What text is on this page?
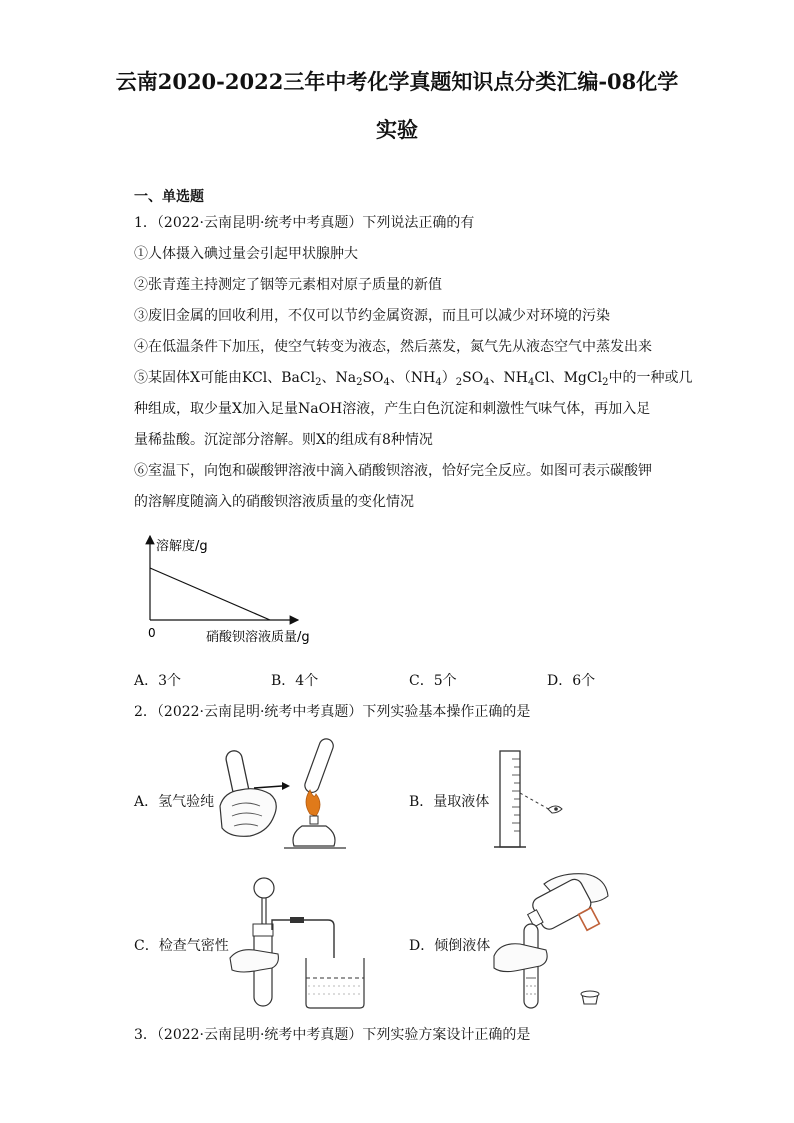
云南2020-2022三年中考化学真题知识点分类汇编-08化学
实验
一、单选题
1．（2022·云南昆明·统考中考真题）下列说法正确的有
①人体摄入碘过量会引起甲状腺肿大
②张青莲主持测定了铟等元素相对原子质量的新值
③废旧金属的回收利用，不仅可以节约金属资源，而且可以减少对环境的污染
④在低温条件下加压，使空气转变为液态，然后蒸发，氮气先从液态空气中蒸发出来
⑤某固体X可能由KCl、BaCl$_2$、$Na_2SO_4$、$(NH_4)_2SO_4$、$NH_4Cl$、MgCl$_2$中的一种或几
种组成，取少量X加入足量NaOH溶液，产生白色沉淀和刺激性气味气体，再加入足
量稀盐酸。沉淀部分溶解。则X的组成有8种情况
⑥室温下，向饱和碳酸钾溶液中滴入硝酸钡溶液，恰好完全反应。如图可表示碳酸钾
的溶解度随滴入的硝酸钡溶液质量的变化情况
溶解度/g
0	硝酸钡溶液质量/g
A．3个	B．4个	C．5个	D．6个
2．（2022·云南昆明·统考中考真题）下列实验基本操作正确的是
A．氢气验纯	B．量取液体
C．检查气密性	D．倾倒液体
3．（2022·云南昆明·统考中考真题）下列实验方案设计正确的是
